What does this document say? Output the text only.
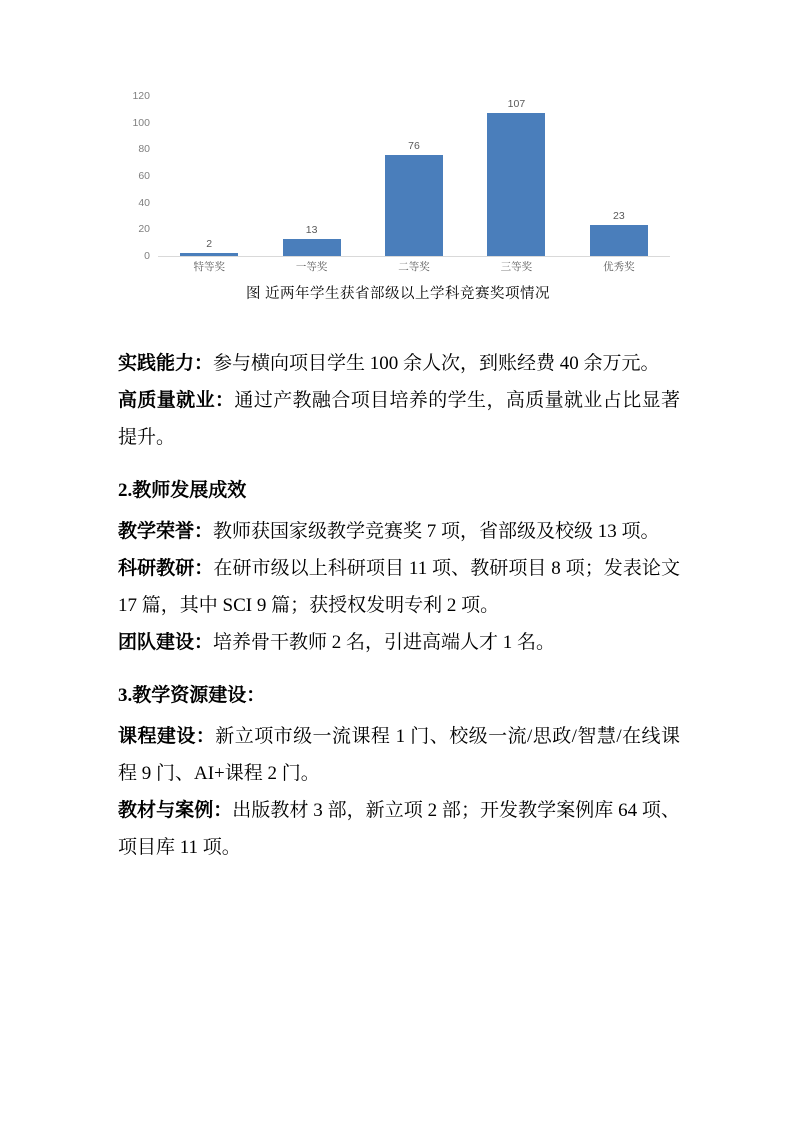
120
100
80
60
40
20
0
2
13
76
107
23
特等奖	一等奖	二等奖	三等奖	优秀奖
图 近两年学生获省部级以上学科竞赛奖项情况

实践能力：参与横向项目学生 100 余人次，到账经费 40 余万元。

高质量就业：通过产教融合项目培养的学生，高质量就业占比显著提升。

2.教师发展成效

教学荣誉：教师获国家级教学竞赛奖 7 项，省部级及校级 13 项。

科研教研：在研市级以上科研项目 11 项、教研项目 8 项；发表论文 17 篇，其中 SCI 9 篇；获授权发明专利 2 项。

团队建设：培养骨干教师 2 名，引进高端人才 1 名。

3.教学资源建设：

课程建设：新立项市级一流课程 1 门、校级一流/思政/智慧/在线课程 9 门、AI+课程 2 门。

教材与案例：出版教材 3 部，新立项 2 部；开发教学案例库 64 项、项目库 11 项。
